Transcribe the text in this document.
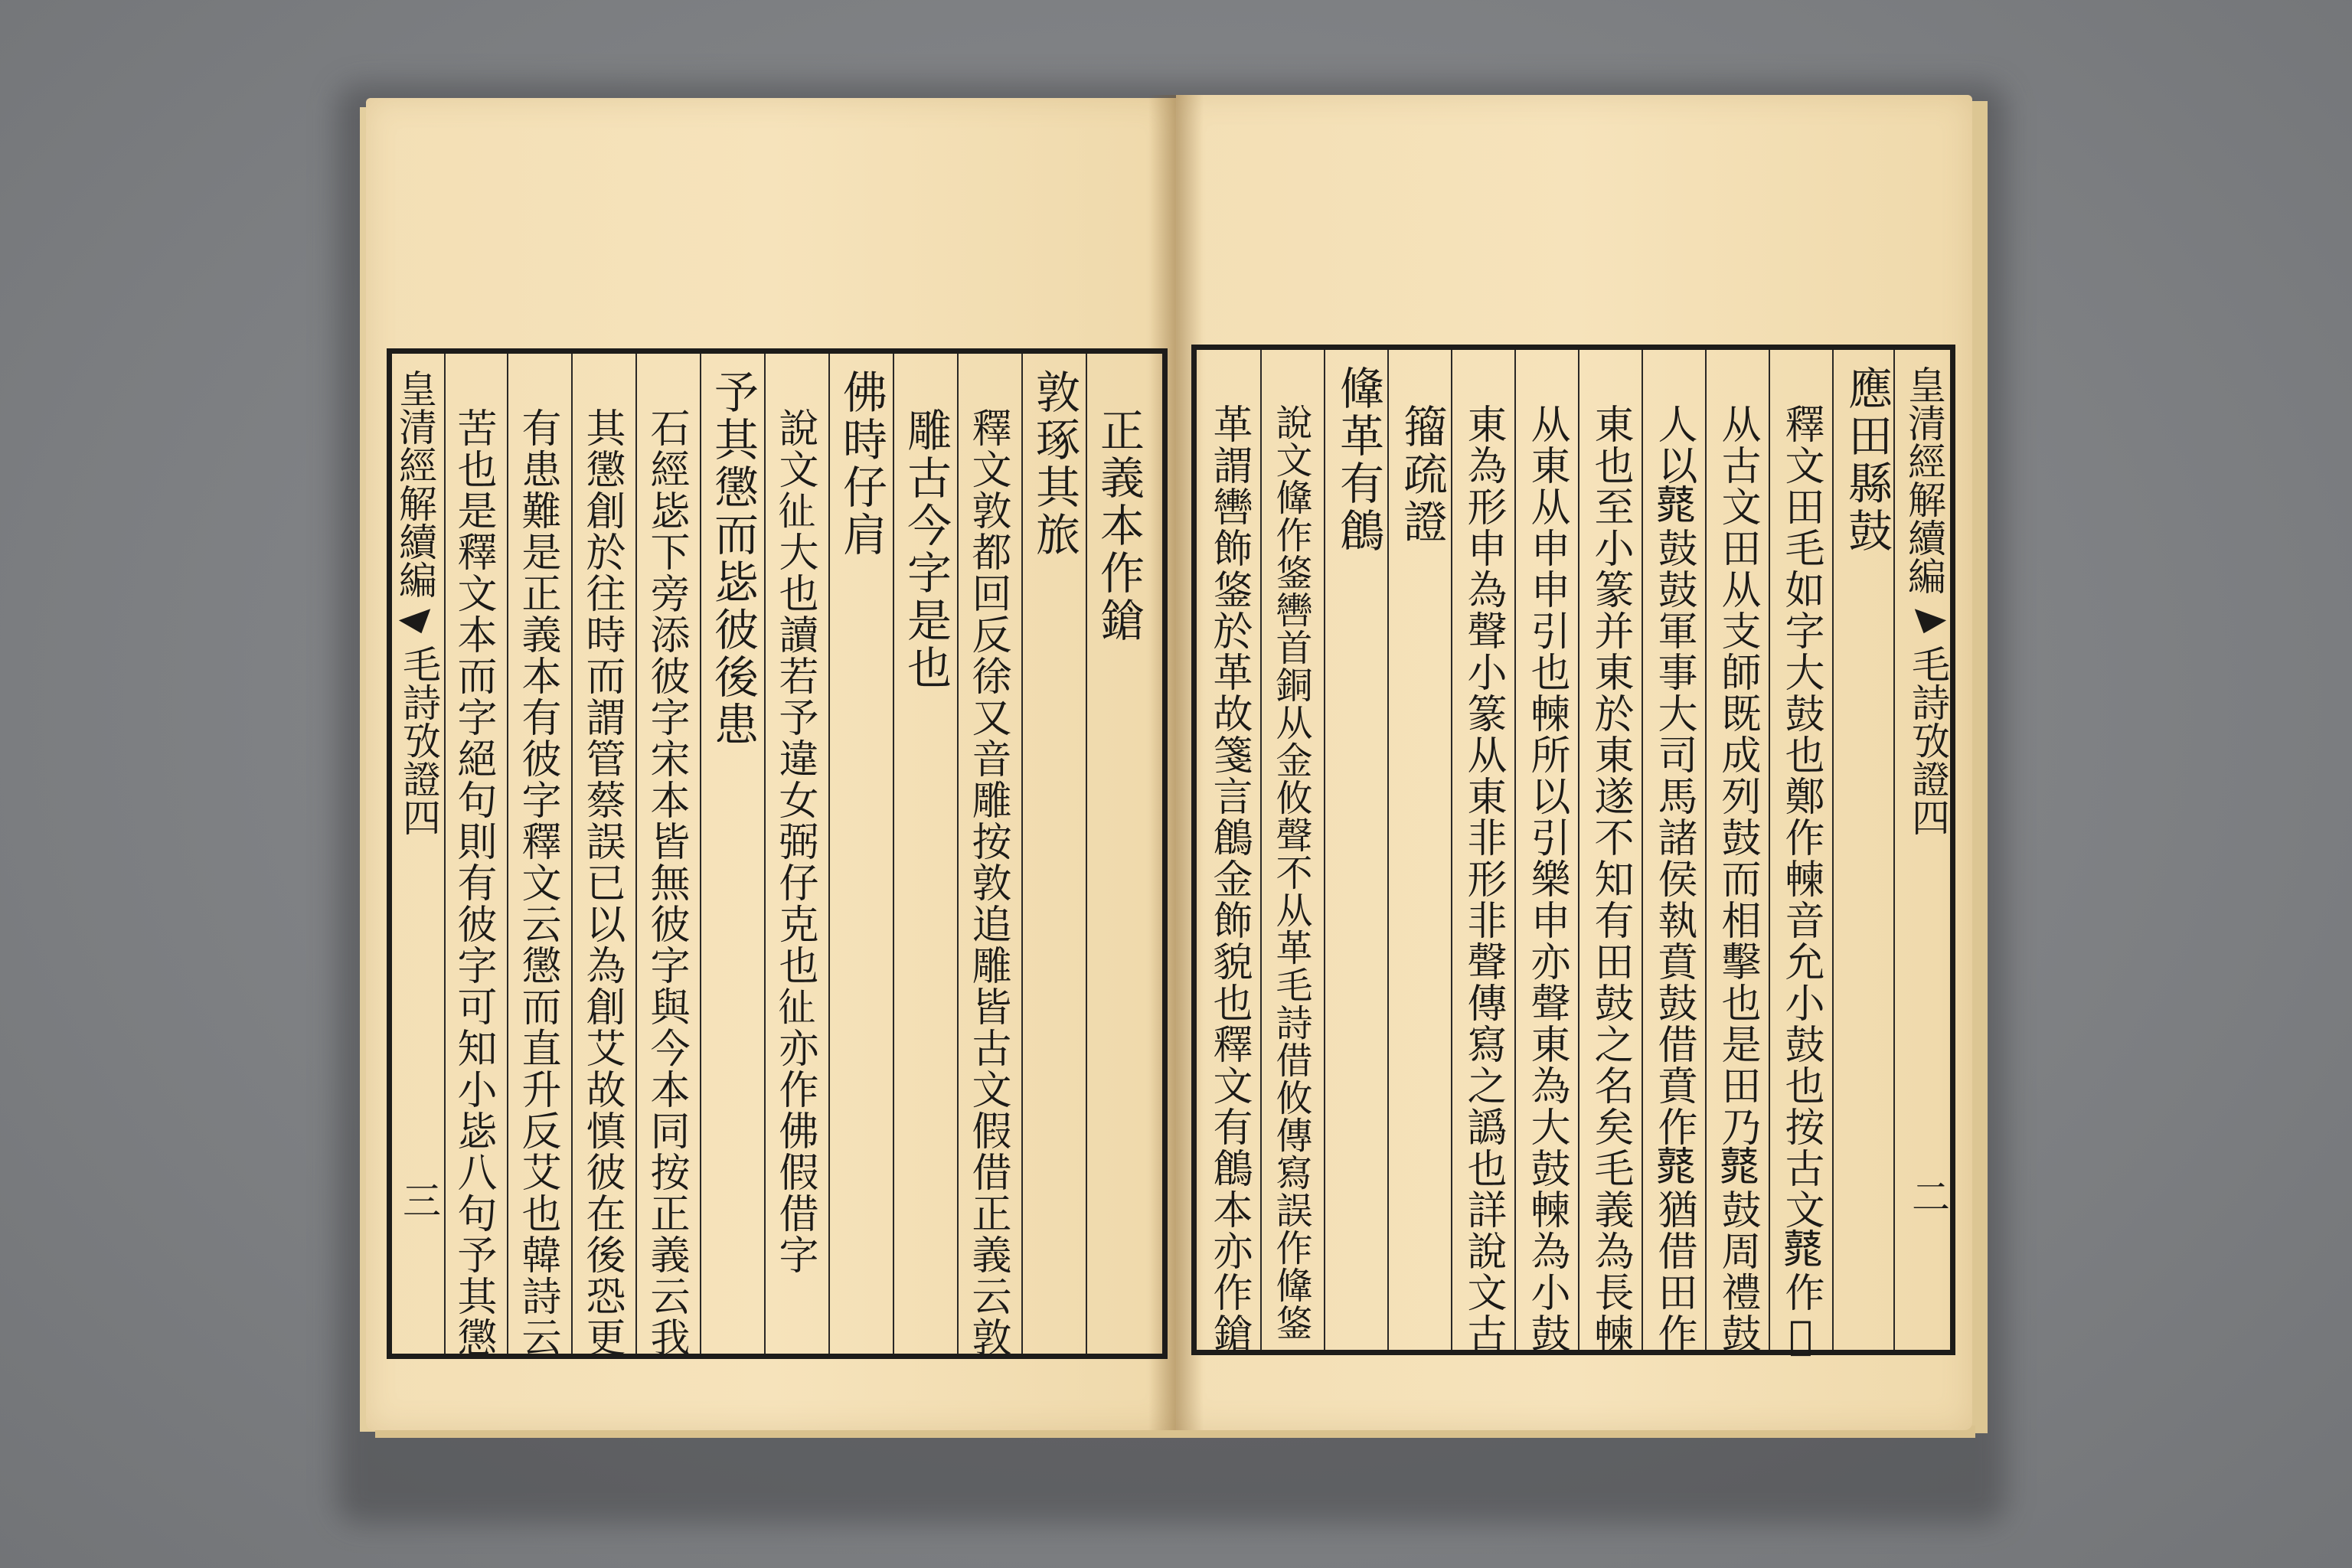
皇清經解續編
毛詩攷證四
三
正義本作鎗
敦琢其旅
釋文敦都回反徐又音雕按敦追雕皆古文假借正義云敦
雕古今字是也
佛時仔肩
說文𢓊大也讀若予違女弼仔克也𢓊亦作佛假借字
予其懲而毖彼後患
石經毖下旁添彼字宋本皆無彼字與今本同按正義云我
其懲創於往時而謂管蔡誤已以為創艾故慎彼在後恐更
有患難是正義本有彼字釋文云懲而直升反艾也韓詩云
苦也是釋文本而字絕句則有彼字可知小毖八句予其懲	皇清經解續編
毛詩攷證四
二
應田縣鼓
釋文田毛如字大鼓也鄭作朄音允小鼓也按古文𪔛作𢼸
从古文田从支師既成列鼓而相擊也是田乃𪔛鼓周禮鼓
人以𪔛鼓鼓軍事大司馬諸侯執賁鼓借賁作𪔛猶借田作
東也至小篆并東於東遂不知有田鼓之名矣毛義為長朄
从東从申申引也朄所以引樂申亦聲東為大鼓朄為小鼓
東為形申為聲小篆从東非形非聲傳寫之譌也詳說文古
籀疏證
鞗革有鶬
說文鞗作鋚轡首銅从金攸聲不从革毛詩借攸傳寫誤作鞗鋚
革謂轡飾鋚於革故箋言鶬金飾貌也釋文有鶬本亦作鎗
